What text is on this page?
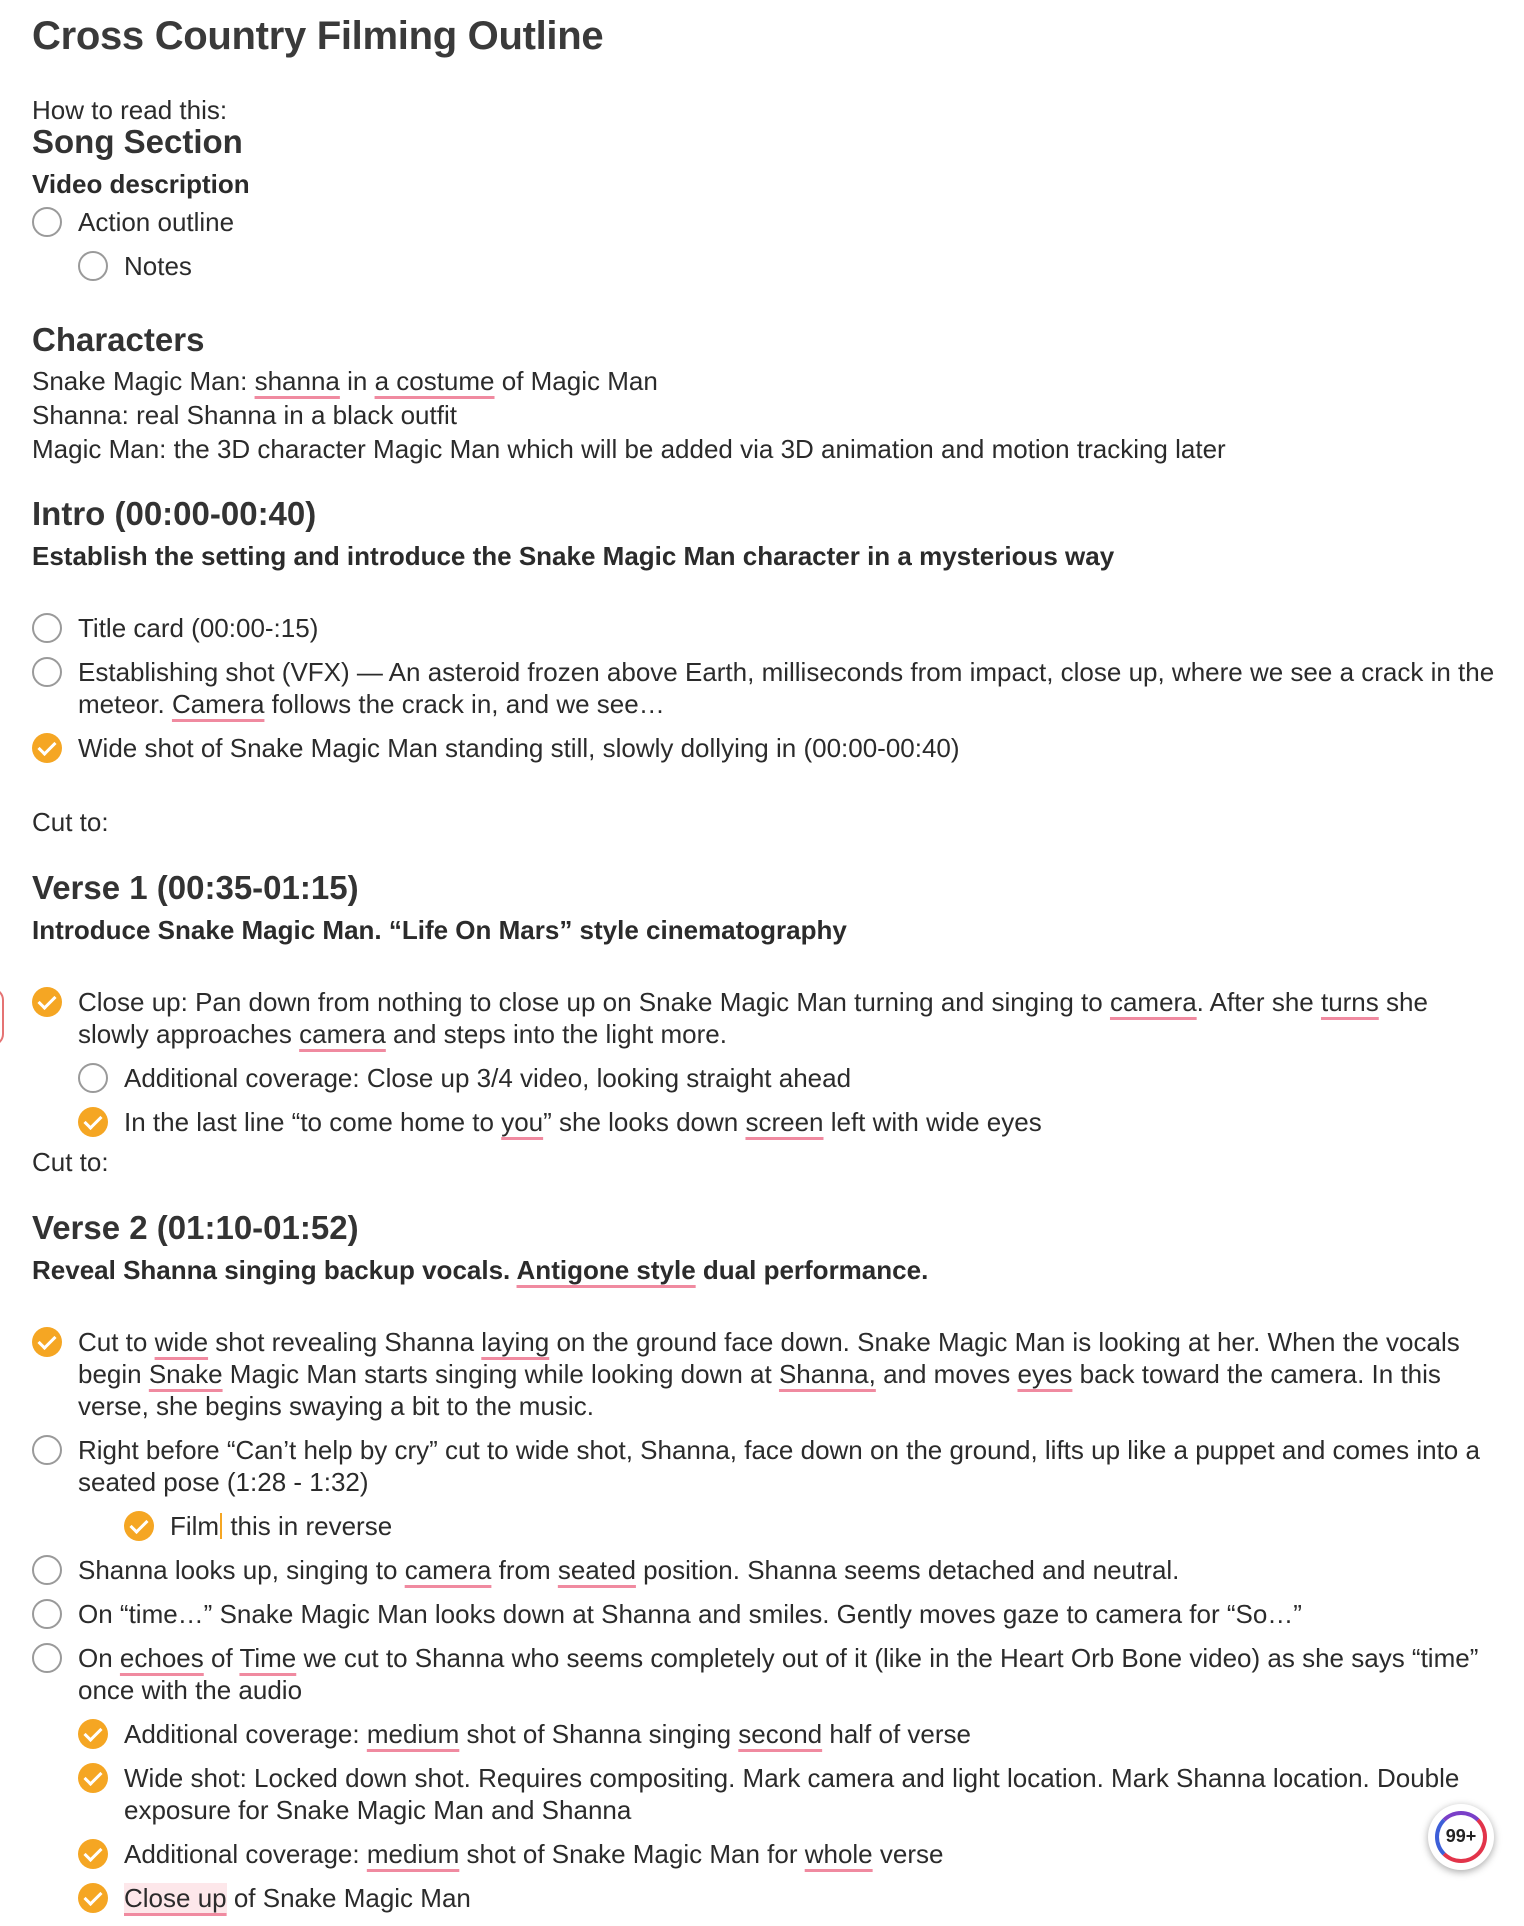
Cross Country Filming Outline
How to read this:
Song Section
Video description
Action outline
Notes
Characters
Snake Magic Man: shanna in a costume of Magic Man
Shanna: real Shanna in a black outfit
Magic Man: the 3D character Magic Man which will be added via 3D animation and motion tracking later
Intro (00:00-00:40)
Establish the setting and introduce the Snake Magic Man character in a mysterious way
Title card (00:00-:15)
Establishing shot (VFX) — An asteroid frozen above Earth, milliseconds from impact, close up, where we see a crack in the meteor. Camera follows the crack in, and we see…
Wide shot of Snake Magic Man standing still, slowly dollying in (00:00-00:40)
Cut to:
Verse 1 (00:35-01:15)
Introduce Snake Magic Man. “Life On Mars” style cinematography
Close up: Pan down from nothing to close up on Snake Magic Man turning and singing to camera. After she turns she slowly approaches camera and steps into the light more.
Additional coverage: Close up 3/4 video, looking straight ahead
In the last line “to come home to you” she looks down screen left with wide eyes
Cut to:
Verse 2 (01:10-01:52)
Reveal Shanna singing backup vocals. Antigone style dual performance.
Cut to wide shot revealing Shanna laying on the ground face down. Snake Magic Man is looking at her. When the vocals begin Snake Magic Man starts singing while looking down at Shanna, and moves eyes back toward the camera. In this verse, she begins swaying a bit to the music.
Right before “Can’t help by cry” cut to wide shot, Shanna, face down on the ground, lifts up like a puppet and comes into a seated pose (1:28 - 1:32)
Film this in reverse
Shanna looks up, singing to camera from seated position. Shanna seems detached and neutral.
On “time…” Snake Magic Man looks down at Shanna and smiles. Gently moves gaze to camera for “So…”
On echoes of Time we cut to Shanna who seems completely out of it (like in the Heart Orb Bone video) as she says “time” once with the audio
Additional coverage: medium shot of Shanna singing second half of verse
Wide shot: Locked down shot. Requires compositing. Mark camera and light location. Mark Shanna location. Double exposure for Snake Magic Man and Shanna
Additional coverage: medium shot of Snake Magic Man for whole verse
Close up of Snake Magic Man
99+
